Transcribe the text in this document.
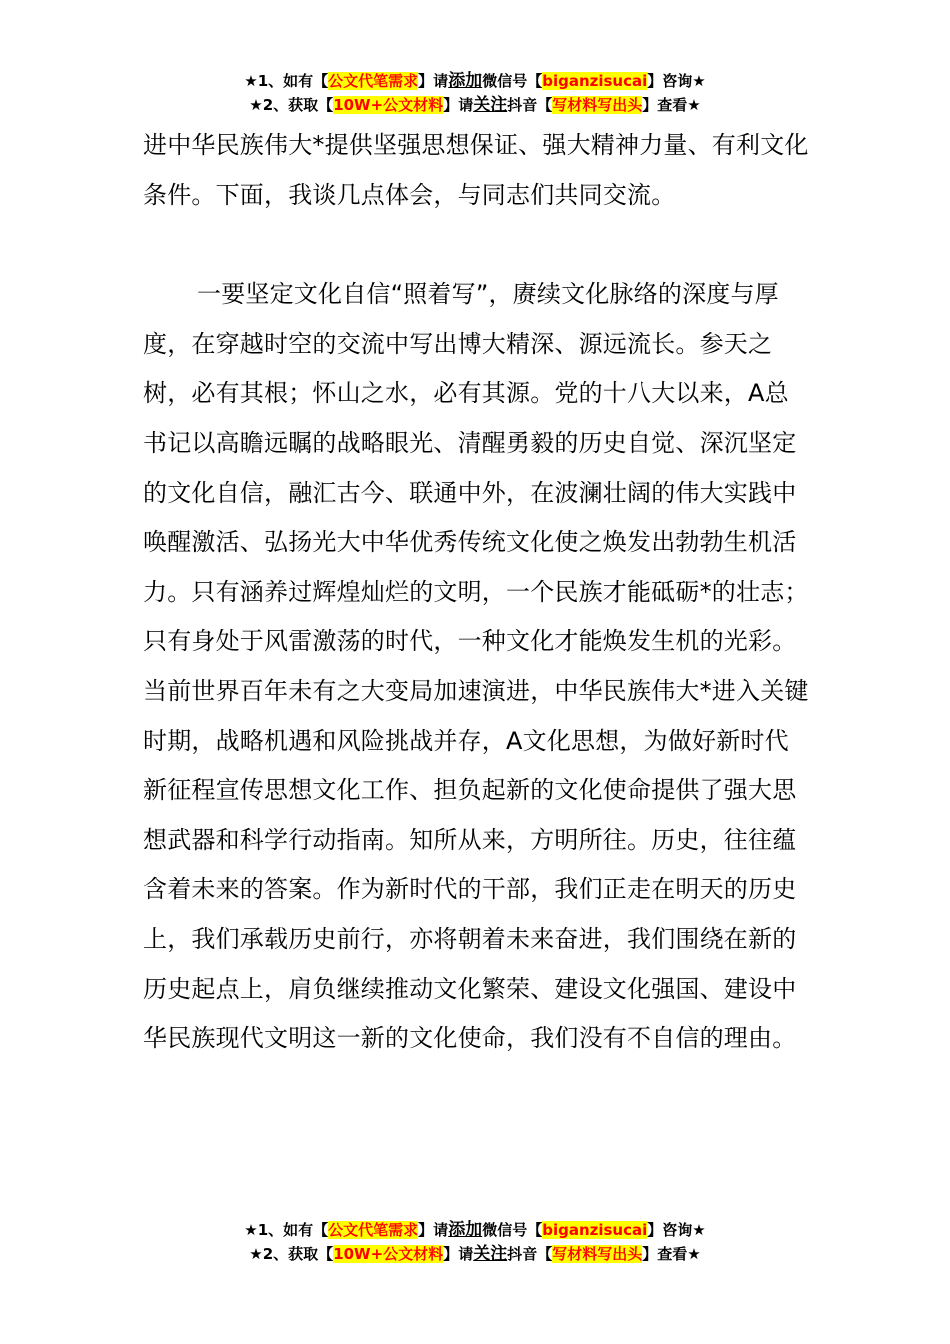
★1、如有【公文代笔需求】请添加微信号【biganzisucai】咨询★
★2、获取【10W+公文材料】请关注抖音【写材料写出头】查看★

进中华民族伟大*提供坚强思想保证、强大精神力量、有利文化条件。下面，我谈几点体会，与同志们共同交流。

一要坚定文化自信“照着写”，赓续文化脉络的深度与厚度，在穿越时空的交流中写出博大精深、源远流长。参天之树，必有其根；怀山之水，必有其源。党的十八大以来，A总书记以高瞻远瞩的战略眼光、清醒勇毅的历史自觉、深沉坚定的文化自信，融汇古今、联通中外，在波澜壮阔的伟大实践中唤醒激活、弘扬光大中华优秀传统文化使之焕发出勃勃生机活力。只有涵养过辉煌灿烂的文明，一个民族才能砥砺*的壮志；只有身处于风雷激荡的时代，一种文化才能焕发生机的光彩。当前世界百年未有之大变局加速演进，中华民族伟大*进入关键时期，战略机遇和风险挑战并存，A文化思想，为做好新时代新征程宣传思想文化工作、担负起新的文化使命提供了强大思想武器和科学行动指南。知所从来，方明所往。历史，往往蕴含着未来的答案。作为新时代的干部，我们正走在明天的历史上，我们承载历史前行，亦将朝着未来奋进，我们围绕在新的历史起点上，肩负继续推动文化繁荣、建设文化强国、建设中华民族现代文明这一新的文化使命，我们没有不自信的理由。

★1、如有【公文代笔需求】请添加微信号【biganzisucai】咨询★
★2、获取【10W+公文材料】请关注抖音【写材料写出头】查看★
